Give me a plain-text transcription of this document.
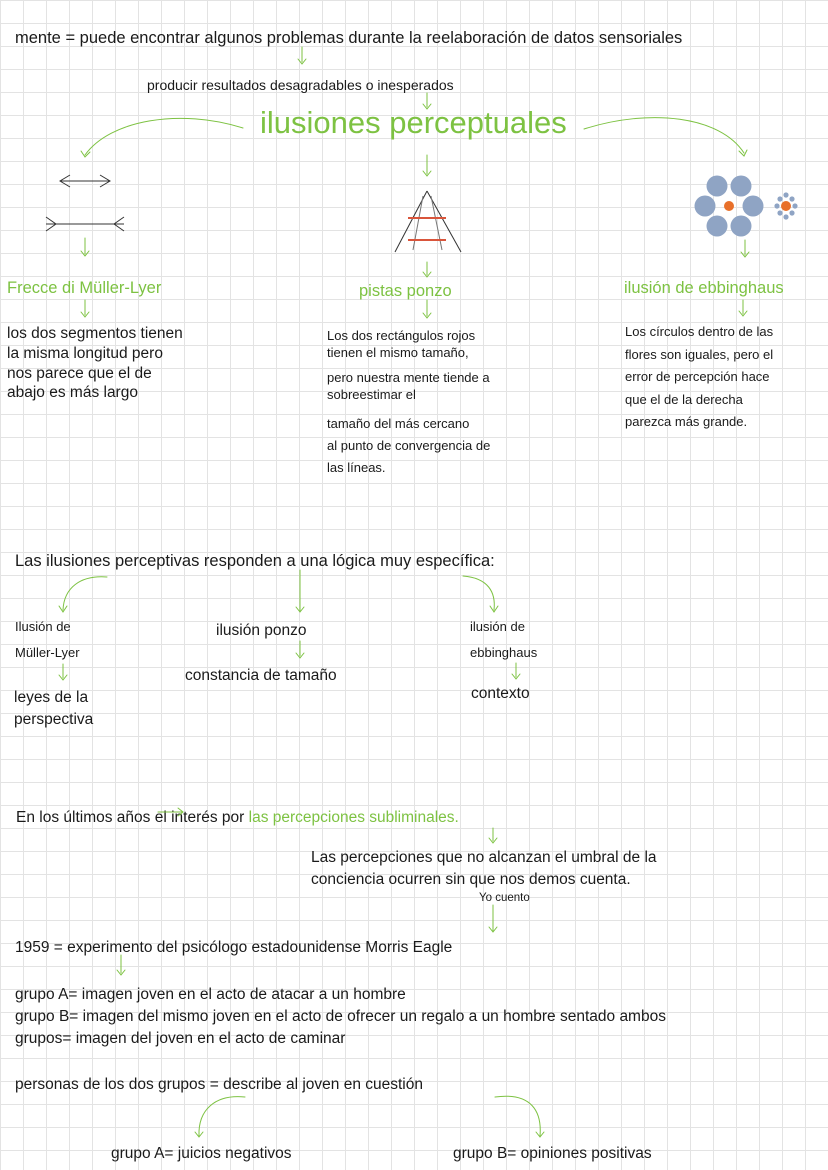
mente = puede encontrar algunos problemas durante la reelaboración de datos sensoriales
producir resultados desagradables o inesperados
ilusiones perceptuales
Frecce di Müller-Lyer
los dos segmentos tienen
la misma longitud pero
nos parece que el de
abajo es más largo
pistas ponzo
Los dos rectángulos rojos
tienen el mismo tamaño,
pero nuestra mente tiende a
sobreestimar el
tamaño del más cercano
al punto de convergencia de
las líneas.
ilusión de ebbinghaus
Los círculos dentro de las
flores son iguales, pero el
error de percepción hace
que el de la derecha
parezca más grande.
Las ilusiones perceptivas responden a una lógica muy específica:
Ilusión de
Müller-Lyer
leyes de la
perspectiva
ilusión ponzo
constancia de tamaño
ilusión de
ebbinghaus
contexto
En los últimos años el interés por las percepciones subliminales.
Las percepciones que no alcanzan el umbral de la
conciencia ocurren sin que nos demos cuenta.
Yo cuento
1959 = experimento del psicólogo estadounidense Morris Eagle
grupo A= imagen joven en el acto de atacar a un hombre
grupo B= imagen del mismo joven en el acto de ofrecer un regalo a un hombre sentado ambos
grupos= imagen del joven en el acto de caminar
personas de los dos grupos = describe al joven en cuestión
grupo A= juicios negativos	grupo B= opiniones positivas
